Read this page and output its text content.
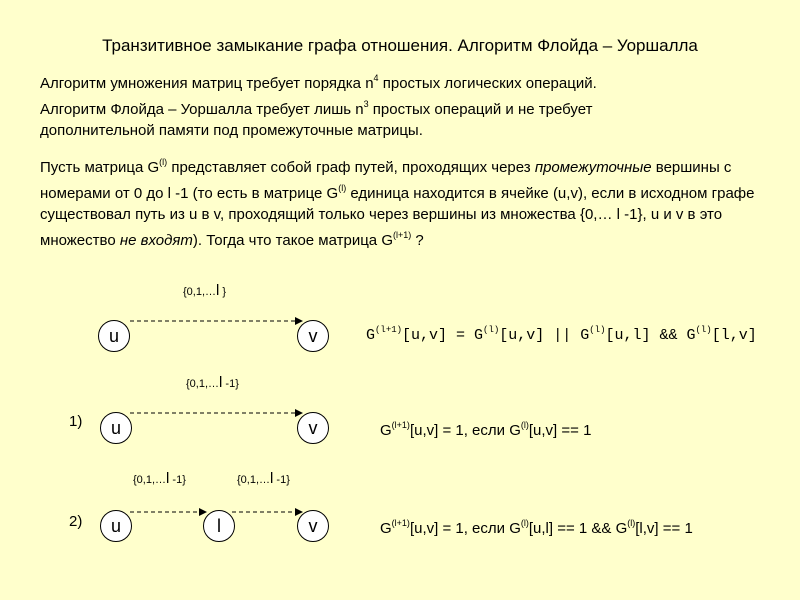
Транзитивное замыкание графа отношения. Алгоритм Флойда – Уоршалла
Алгоритм умножения матриц требует порядка $n^4$ простых логических операций.
Алгоритм Флойда – Уоршалла требует лишь $n^3$ простых операций и не требует
дополнительной памяти под промежуточные матрицы.
Пусть матрица $G^{(l)}$ представляет собой граф путей, проходящих через промежуточные вершины с номерами от 0 до l -1 (то есть в матрице $G^{(l)}$ единица находится в ячейке (u,v), если в исходном графе существовал путь из u в v, проходящий только через вершины из множества {0,… l -1}, u и v в это множество не входят). Тогда что такое матрица $G^{(l+1)}$ ?
{0,1,…l }
u	v	$G^{(l+1)}[u,v] = G^{(l)}[u,v]$ || $G^{(l)}[u,l]$ && $G^{(l)}[l,v]$
{0,1,…l -1}
1)	u	v	$G^{(l+1)}[u,v] = 1$, если $G^{(l)}[u,v] == 1$
{0,1,…l -1}	{0,1,…l -1}
2)	u	l	v	$G^{(l+1)}[u,v] = 1$, если $G^{(l)}[u,l] == 1$ && $G^{(l)}[l,v] == 1$
